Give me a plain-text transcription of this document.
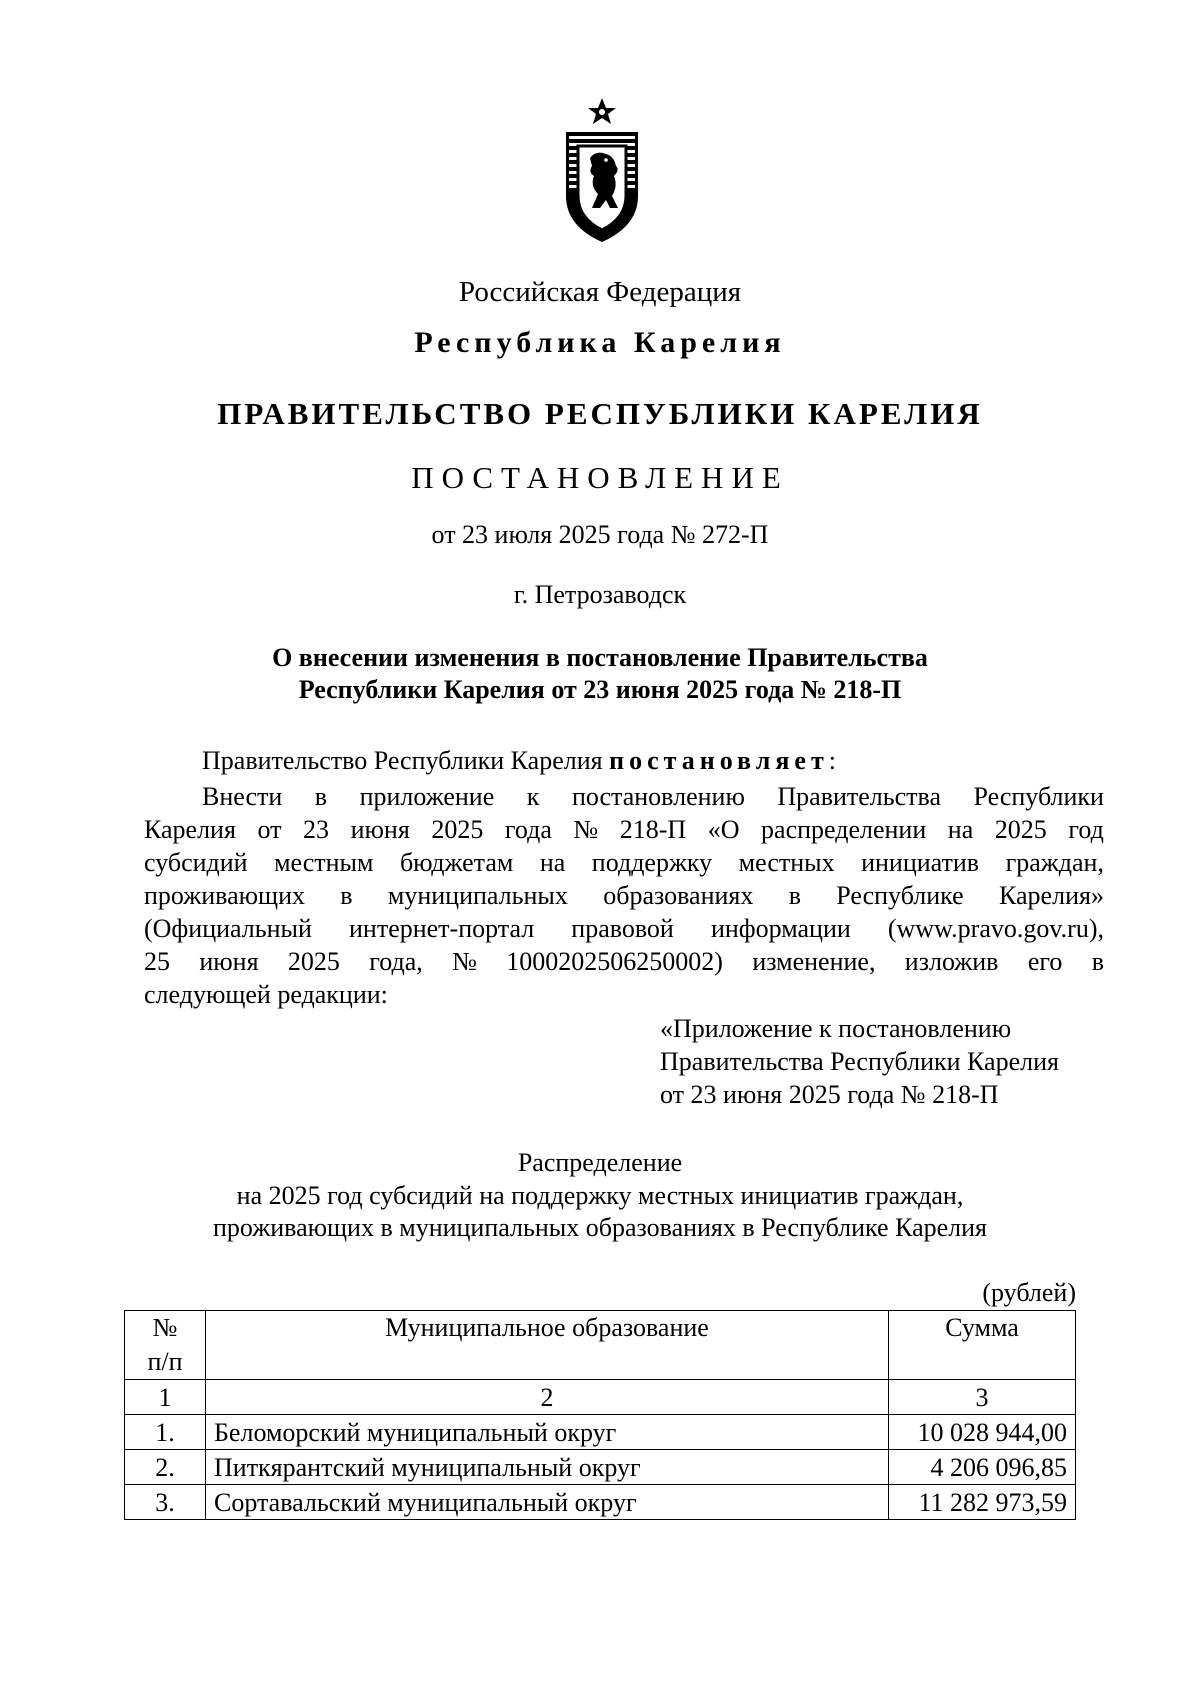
Российская Федерация
Республика Карелия
ПРАВИТЕЛЬСТВО РЕСПУБЛИКИ КАРЕЛИЯ
ПОСТАНОВЛЕНИЕ
от 23 июля 2025 года № 272-П
г. Петрозаводск
О внесении изменения в постановление Правительства
Республики Карелия от 23 июня 2025 года № 218-П
Правительство Республики Карелия постановляет:
Внести в приложение к постановлению Правительства Республики
Карелия от 23 июня 2025 года № 218-П «О распределении на 2025 год
субсидий местным бюджетам на поддержку местных инициатив граждан,
проживающих в муниципальных образованиях в Республике Карелия»
(Официальный интернет-портал правовой информации (www.pravo.gov.ru),
25 июня 2025 года, № 1000202506250002) изменение, изложив его в
следующей редакции:
«Приложение к постановлению
Правительства Республики Карелия
от 23 июня 2025 года № 218-П
Распределение
на 2025 год субсидий на поддержку местных инициатив граждан,
проживающих в муниципальных образованиях в Республике Карелия
(рублей)
№
п/п	Муниципальное образование	Сумма
1	2	3
1.	Беломорский муниципальный округ	10 028 944,00
2.	Питкярантский муниципальный округ	4 206 096,85
3.	Сортавальский муниципальный округ	11 282 973,59
